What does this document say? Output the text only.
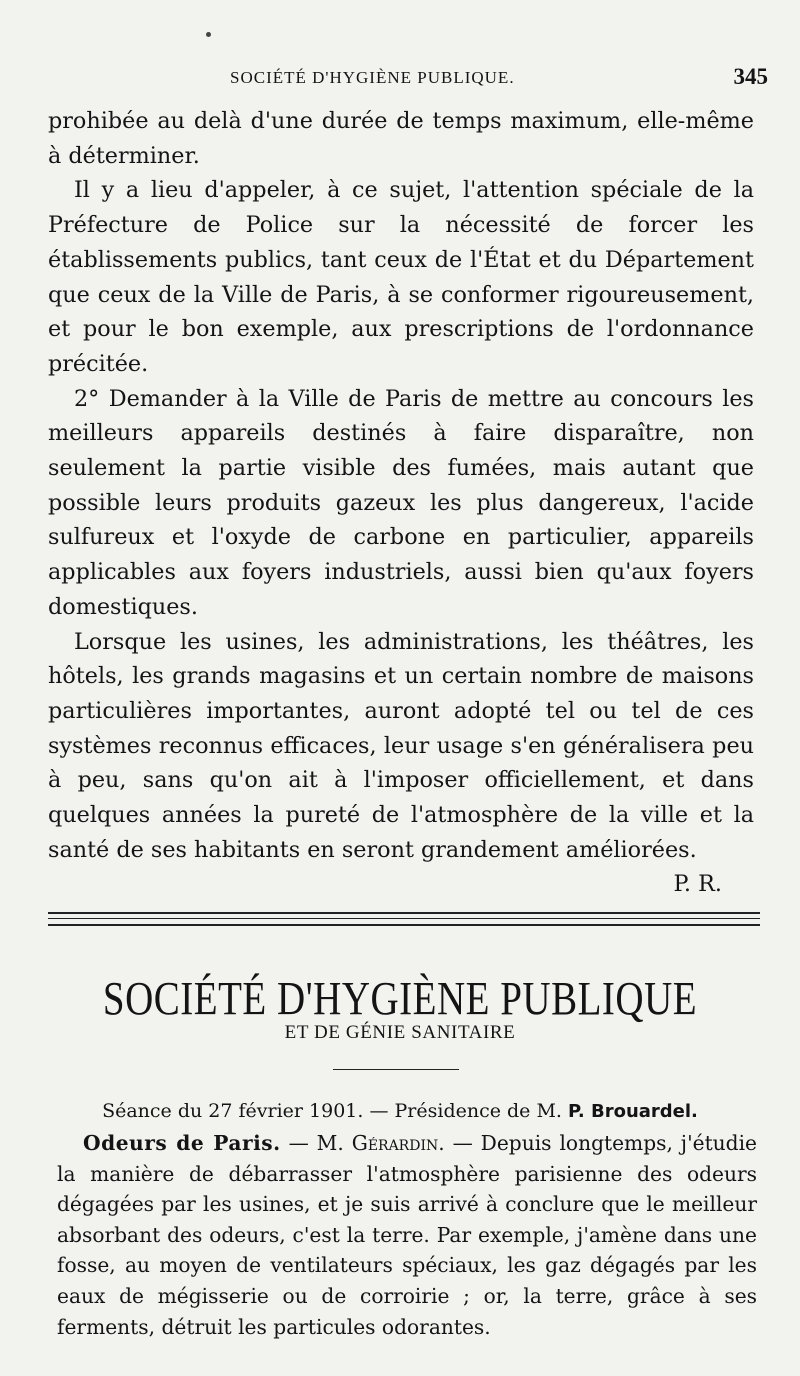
SOCIÉTÉ D'HYGIÈNE PUBLIQUE.	345

prohibée au delà d'une durée de temps maximum, elle-même à déterminer.

Il y a lieu d'appeler, à ce sujet, l'attention spéciale de la Préfecture de Police sur la nécessité de forcer les établissements publics, tant ceux de l'État et du Département que ceux de la Ville de Paris, à se conformer rigoureusement, et pour le bon exemple, aux prescriptions de l'ordonnance précitée.

2° Demander à la Ville de Paris de mettre au concours les meilleurs appareils destinés à faire disparaître, non seulement la partie visible des fumées, mais autant que possible leurs produits gazeux les plus dangereux, l'acide sulfureux et l'oxyde de carbone en particulier, appareils applicables aux foyers industriels, aussi bien qu'aux foyers domestiques.

Lorsque les usines, les administrations, les théâtres, les hôtels, les grands magasins et un certain nombre de maisons particulières importantes, auront adopté tel ou tel de ces systèmes reconnus efficaces, leur usage s'en généralisera peu à peu, sans qu'on ait à l'imposer officiellement, et dans quelques années la pureté de l'atmosphère de la ville et la santé de ses habitants en seront grandement améliorées.
P. R.

SOCIÉTÉ D'HYGIÈNE PUBLIQUE
ET DE GÉNIE SANITAIRE
Séance du 27 février 1901. — Présidence de M. P. Brouardel.

Odeurs de Paris. — M. Gérardin. — Depuis longtemps, j'étudie la manière de débarrasser l'atmosphère parisienne des odeurs dégagées par les usines, et je suis arrivé à conclure que le meilleur absorbant des odeurs, c'est la terre. Par exemple, j'amène dans une fosse, au moyen de ventilateurs spéciaux, les gaz dégagés par les eaux de mégisserie ou de corroirie ; or, la terre, grâce à ses ferments, détruit les particules odorantes.
